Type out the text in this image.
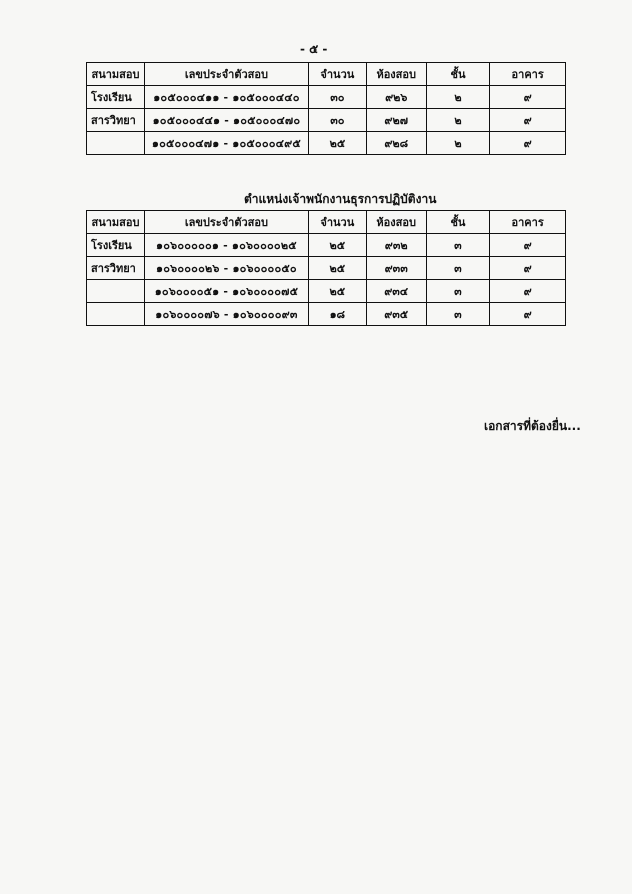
- ๕ -
สนามสอบ	เลขประจำตัวสอบ	จำนวน	ห้องสอบ	ชั้น	อาคาร
โรงเรียน	๑๐๕๐๐๐๔๑๑ - ๑๐๕๐๐๐๔๔๐	๓๐	๙๒๖	๒	๙
สารวิทยา	๑๐๕๐๐๐๔๔๑ - ๑๐๕๐๐๐๔๗๐	๓๐	๙๒๗	๒	๙
	๑๐๕๐๐๐๔๗๑ - ๑๐๕๐๐๐๔๙๕	๒๕	๙๒๘	๒	๙
ตำแหน่งเจ้าพนักงานธุรการปฏิบัติงาน
สนามสอบ	เลขประจำตัวสอบ	จำนวน	ห้องสอบ	ชั้น	อาคาร
โรงเรียน	๑๐๖๐๐๐๐๐๑ - ๑๐๖๐๐๐๐๒๕	๒๕	๙๓๒	๓	๙
สารวิทยา	๑๐๖๐๐๐๐๒๖ - ๑๐๖๐๐๐๐๕๐	๒๕	๙๓๓	๓	๙
	๑๐๖๐๐๐๐๕๑ - ๑๐๖๐๐๐๐๗๕	๒๕	๙๓๔	๓	๙
	๑๐๖๐๐๐๐๗๖ - ๑๐๖๐๐๐๐๙๓	๑๘	๙๓๕	๓	๙
เอกสารที่ต้องยื่น...
